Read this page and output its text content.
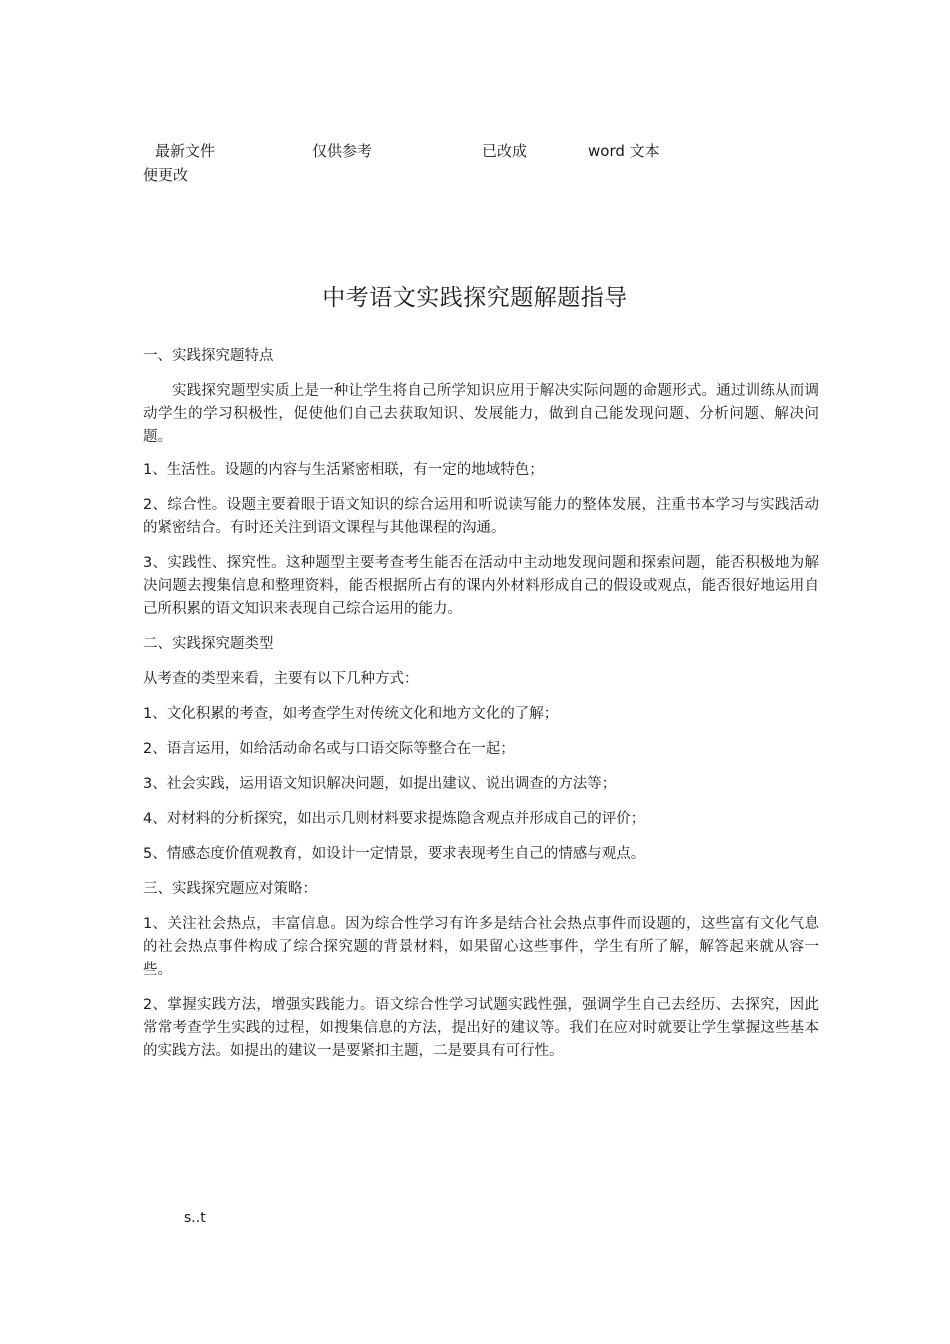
最新文件	仅供参考	已改成	word 文本
便更改
中考语文实践探究题解题指导

一、实践探究题特点

实践探究题型实质上是一种让学生将自己所学知识应用于解决实际问题的命题形式。通过训练从而调动学生的学习积极性，促使他们自己去获取知识、发展能力，做到自己能发现问题、分析问题、解决问题。

1、生活性。设题的内容与生活紧密相联，有一定的地域特色；

2、综合性。设题主要着眼于语文知识的综合运用和听说读写能力的整体发展，注重书本学习与实践活动的紧密结合。有时还关注到语文课程与其他课程的沟通。

3、实践性、探究性。这种题型主要考查考生能否在活动中主动地发现问题和探索问题，能否积极地为解决问题去搜集信息和整理资料，能否根据所占有的课内外材料形成自己的假设或观点，能否很好地运用自己所积累的语文知识来表现自己综合运用的能力。

二、实践探究题类型

从考查的类型来看，主要有以下几种方式：

1、文化积累的考查，如考查学生对传统文化和地方文化的了解；

2、语言运用，如给活动命名或与口语交际等整合在一起；

3、社会实践，运用语文知识解决问题，如提出建议、说出调查的方法等；

4、对材料的分析探究，如出示几则材料要求提炼隐含观点并形成自己的评价；

5、情感态度价值观教育，如设计一定情景，要求表现考生自己的情感与观点。

三、实践探究题应对策略：

1、关注社会热点，丰富信息。因为综合性学习有许多是结合社会热点事件而设题的，这些富有文化气息的社会热点事件构成了综合探究题的背景材料，如果留心这些事件，学生有所了解，解答起来就从容一些。

2、掌握实践方法，增强实践能力。语文综合性学习试题实践性强，强调学生自己去经历、去探究，因此常常考查学生实践的过程，如搜集信息的方法，提出好的建议等。我们在应对时就要让学生掌握这些基本的实践方法。如提出的建议一是要紧扣主题，二是要具有可行性。

s..t
